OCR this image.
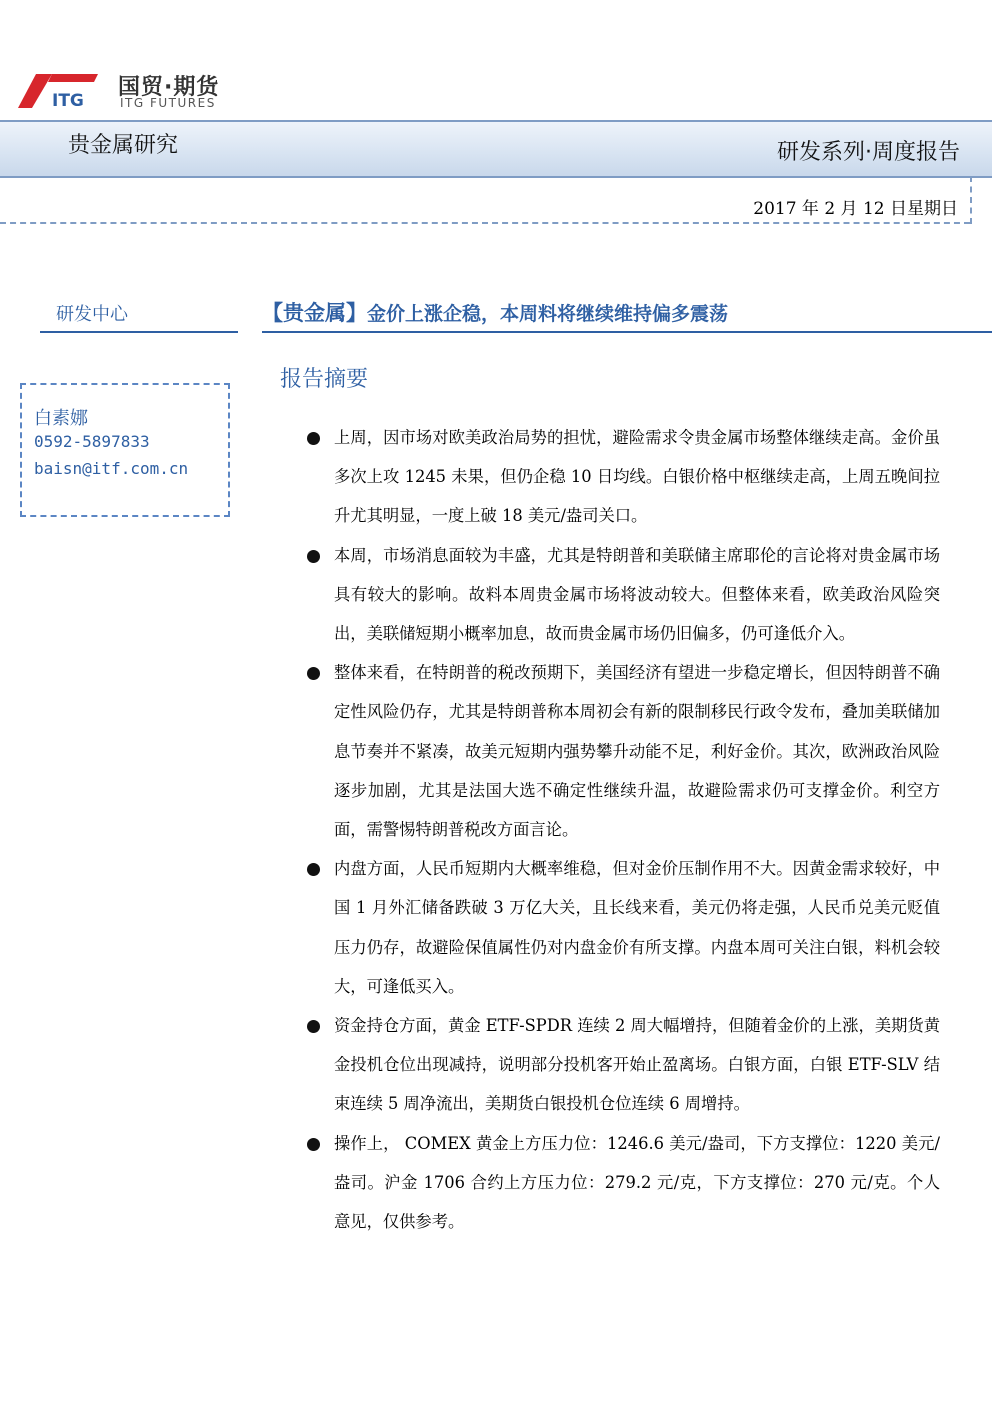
ITG
国贸·期货
ITG FUTURES
贵金属研究	研发系列·周度报告
2017 年 2 月 12 日星期日
研发中心
白素娜
0592-5897833
baisn@itf.com.cn
【贵金属】金价上涨企稳，本周料将继续维持偏多震荡
报告摘要
上周，因市场对欧美政治局势的担忧，避险需求令贵金属市场整体继续走高。金价虽多次上攻 1245 未果，但仍企稳 10 日均线。白银价格中枢继续走高，上周五晚间拉升尤其明显，一度上破 18 美元/盎司关口。
本周，市场消息面较为丰盛，尤其是特朗普和美联储主席耶伦的言论将对贵金属市场具有较大的影响。故料本周贵金属市场将波动较大。但整体来看，欧美政治风险突出，美联储短期小概率加息，故而贵金属市场仍旧偏多，仍可逢低介入。
整体来看，在特朗普的税改预期下，美国经济有望进一步稳定增长，但因特朗普不确定性风险仍存，尤其是特朗普称本周初会有新的限制移民行政令发布，叠加美联储加息节奏并不紧凑，故美元短期内强势攀升动能不足，利好金价。其次，欧洲政治风险逐步加剧，尤其是法国大选不确定性继续升温，故避险需求仍可支撑金价。利空方面，需警惕特朗普税改方面言论。
内盘方面，人民币短期内大概率维稳，但对金价压制作用不大。因黄金需求较好，中国 1 月外汇储备跌破 3 万亿大关，且长线来看，美元仍将走强，人民币兑美元贬值压力仍存，故避险保值属性仍对内盘金价有所支撑。内盘本周可关注白银，料机会较大，可逢低买入。
资金持仓方面，黄金 ETF-SPDR 连续 2 周大幅增持，但随着金价的上涨，美期货黄金投机仓位出现减持，说明部分投机客开始止盈离场。白银方面，白银 ETF-SLV 结束连续 5 周净流出，美期货白银投机仓位连续 6 周增持。
操作上， COMEX 黄金上方压力位：1246.6 美元/盎司，下方支撑位：1220 美元/盎司。沪金 1706 合约上方压力位：279.2 元/克，下方支撑位：270 元/克。个人意见，仅供参考。
